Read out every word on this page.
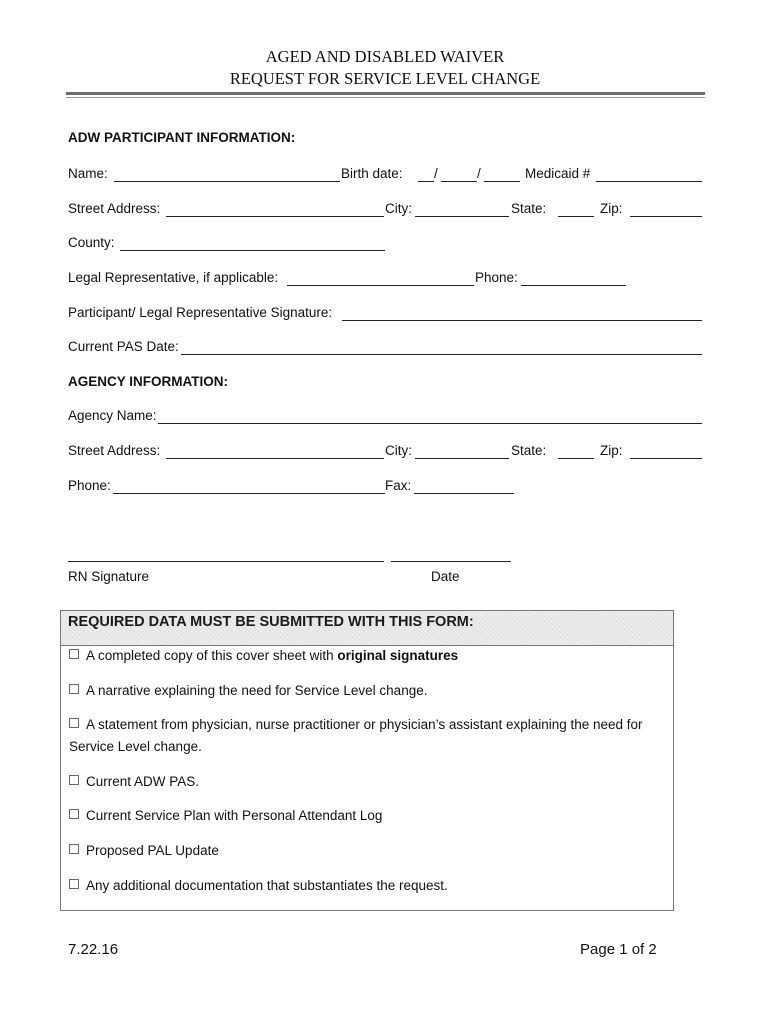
AGED AND DISABLED WAIVER
REQUEST FOR SERVICE LEVEL CHANGE
ADW PARTICIPANT INFORMATION:
Name:	Birth date: /	/	Medicaid #
Street Address:	City:	State:	Zip:
County:
Legal Representative, if applicable:	Phone:
Participant/ Legal Representative Signature:
Current PAS Date:
AGENCY INFORMATION:
Agency Name:
Street Address:	City:	State:	Zip:
Phone:	Fax:
RN Signature	Date
REQUIRED DATA MUST BE SUBMITTED WITH THIS FORM:
A completed copy of this cover sheet with original signatures
A narrative explaining the need for Service Level change.
A statement from physician, nurse practitioner or physician’s assistant explaining the need for Service Level change.
Current ADW PAS.
Current Service Plan with Personal Attendant Log
Proposed PAL Update
Any additional documentation that substantiates the request.
7.22.16	Page 1 of 2
